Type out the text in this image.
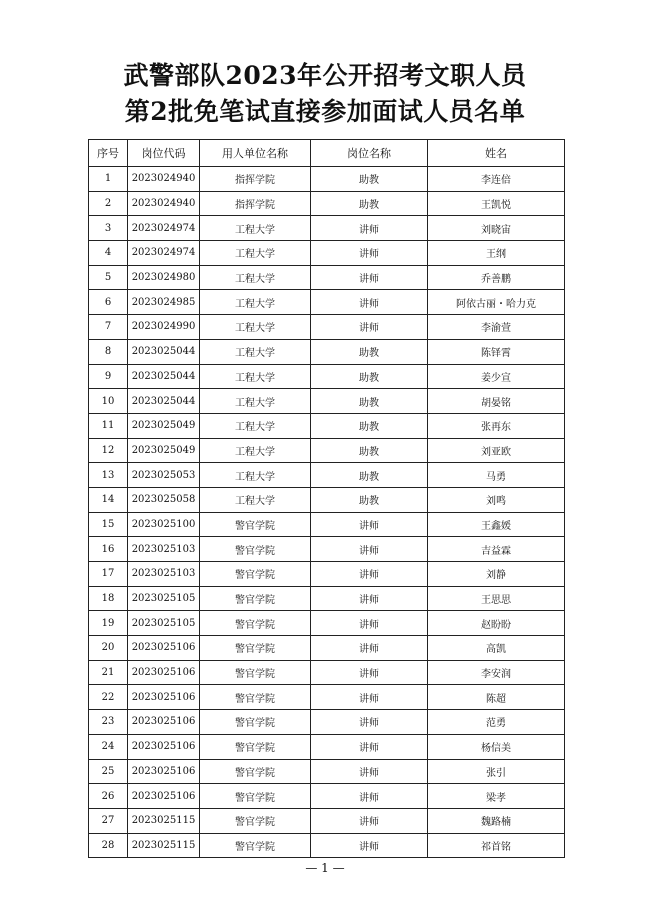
武警部队2023年公开招考文职人员
第2批免笔试直接参加面试人员名单
序号	岗位代码	用人单位名称	岗位名称	姓名
1	2023024940	指挥学院	助教	李连倍
2	2023024940	指挥学院	助教	王凯悦
3	2023024974	工程大学	讲师	刘晓宙
4	2023024974	工程大学	讲师	王纲
5	2023024980	工程大学	讲师	乔善鹏
6	2023024985	工程大学	讲师	阿依古丽・哈力克
7	2023024990	工程大学	讲师	李渝萱
8	2023025044	工程大学	助教	陈铎霄
9	2023025044	工程大学	助教	姜少宣
10	2023025044	工程大学	助教	胡晏铭
11	2023025049	工程大学	助教	张再东
12	2023025049	工程大学	助教	刘亚欧
13	2023025053	工程大学	助教	马勇
14	2023025058	工程大学	助教	刘鸣
15	2023025100	警官学院	讲师	王鑫媛
16	2023025103	警官学院	讲师	吉益霖
17	2023025103	警官学院	讲师	刘静
18	2023025105	警官学院	讲师	王思思
19	2023025105	警官学院	讲师	赵盼盼
20	2023025106	警官学院	讲师	高凯
21	2023025106	警官学院	讲师	李安润
22	2023025106	警官学院	讲师	陈超
23	2023025106	警官学院	讲师	范勇
24	2023025106	警官学院	讲师	杨信美
25	2023025106	警官学院	讲师	张引
26	2023025106	警官学院	讲师	梁孝
27	2023025115	警官学院	讲师	魏路楠
28	2023025115	警官学院	讲师	祁首铭
— 1 —
